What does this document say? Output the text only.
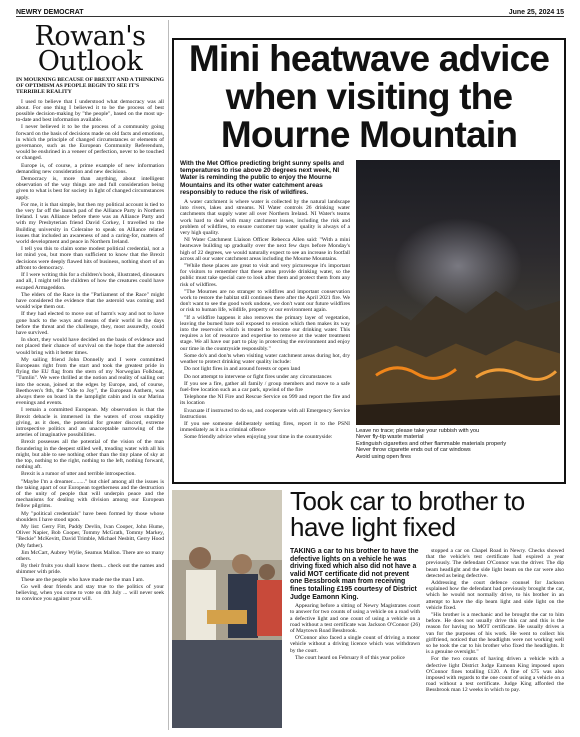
NEWRY DEMOCRAT	June 25, 2024 15
Rowan's Outlook
IN MOURNING BECAUSE OF BREXIT AND A THINKING OF OPTIMISM AS PEOPLE BEGIN TO SEE IT'S TERRIBLE REALITY

I used to believe that I understood what democracy was all about. For one thing I believed it to be the process of best possible decision-making by "the people", based on the most up-to-date and best information available.

I never believed it to be the process of a community going forward on the basis of decisions made on old facts and emotions, in which the principle of changed circumstances or elements of governance, such as the European Community Referendum, would be enshrined in a veneer of perfection, never to be touched or changed.

Europe is, of course, a prime example of new information demanding new consideration and new decisions.

Democracy is, more than anything, about intelligent observation of the way things are and full consideration being given to what is best for society in light of changed circumstances apply.

For me, it is that simple, but then my political account is tied to the very far off the launch pad of the Alliance Party in Northern Ireland. I was Alliance before there was an Alliance Party and with my Presbyterian friend David Corkey, I travelled to the Building university in Coleraine to speak on Alliance related issues that included an awareness of and a caring-for, matters of world development and peace in Northern Ireland.

I tell you this to claim some modest political credential, not a lot mind you, but more than sufficient to know that the Brexit decisions were deeply flawed hits of business, nothing short of an affront to democracy.

If I were writing this for a children's book, illustrated, dinosaurs and all, I might tell the children of how the creatures could have escaped Armageddon.

The elders of the Race in the "Parliament of the Race" might have considered the evidence that the asteroid was coming and would wipe them out.

If they had elected to move out of harm's way and not to have gone back to the ways and means of their world in the days before the threat and the challenge, they, most assuredly, could have survived.

In short, they would have decided on the basis of evidence and not placed their chance of survival on the hope that the asteroid would bring with it better times.

My sailing friend John Donnelly and I were committed Europeans right from the start and took the greatest pride in flying the EU flag from the stern of my Norwegian Folkboat, "Tumlin". We were thrilled at the notion and reality of sailing out into the ocean, joined at the edges by Europe, and, of course, Beethoven's 9th, the "Ode to Joy", the European Anthem, was always there on board in the lamplight cabin and in our Marina evenings and events.

I remain a committed European. My observation is that the Brexit debacle is immersed in the waters of cross stupidity giving, as it does, the potential for greater discord, extreme introspective politics and an unacceptable narrowing of the arteries of imaginative possibilities.

Brexit possesses all the potential of the vision of the man floundering in the deepest stilled well, treading water with all his might, but able to see nothing other than the tiny plane of sky at the top, nothing to the right, nothing to the left, nothing forward, nothing aft.

Brexit is a rumor of utter and terrible introspection.

"Maybe I'm a dreamer........." but chief among all the issues is the taking apart of our European togetherness and the destruction of the unity of people that will underpin peace and the mechanisms for dealing with division among our European fellow pilgrims.

My "political credentials" have been formed by those whose shoulders I have stood upon.

My list: Gerry Fitt, Paddy Devlin, Ivan Cooper, John Hume, Oliver Napier, Bob Cooper, Tommy McGrath, Tommy Markey, "Beckie" McKevitt, David Trimble, Michael Nesbitt, Gerry Hood (My father).

Jim McCart, Aubrey Wylie, Seamus Mallon. There are so many others.

By their fruits you shall know them... check out the names and shimmer with pride.

These are the people who have made me the man I am.

Go well dear friends and stay true to the politics of your believing, when you come to vote on 4th July ... will never seek to convince you against your will.

Mini heatwave advice when visiting the Mourne Mountain
With the Met Office predicting bright sunny spells and temperatures to rise above 20 degrees next week, NI Water is reminding the public to enjoy the Mourne Mountains and its other water catchment areas responsibly to reduce the risk of wildfires.

A water catchment is where water is collected by the natural landscape into rivers, lakes and streams. NI Water controls 26 drinking water catchments that supply water all over Northern Ireland. NI Water's teams work hard to deal with many catchment issues, including the risk and problem of wildfires, to ensure customer tap water quality is always of a very high quality.

NI Water Catchment Liaison Officer Rebecca Allen said: "With a mini heatwave building up gradually over the next few days before Monday's high of 22 degrees, we would naturally expect to see an increase in footfall across all our water catchment areas including the Mourne Mountains.

"While these places are great to visit and very picturesque it's important for visitors to remember that these areas provide drinking water, so the public must take special care to look after them and protect them from any risk of wildfires.

"The Mournes are no stranger to wildfires and important conservation work to restore the habitat still continues there after the April 2021 fire. We don't want to see the good work undone, we don't want our future wildfires or risk to human life, wildlife, property or our environment again.

"If a wildfire happens it also removes the primary layer of vegetation, leaving the burned bare soil exposed to erosion which then makes its way into the reservoirs which is treated to become our drinking water. This requires a lot of resource and expertise to remove at the water treatment stage. We all have our part to play in protecting the environment and enjoy our time in the countryside responsibly."

Some do's and don'ts when visiting water catchment areas during hot, dry weather to protect drinking water quality include:

Do not light fires in and around forests or open land

Do not attempt to intervene or fight fires under any circumstances

If you see a fire, gather all family / group members and move to a safe fuel-free location such as a car park, upwind of the fire

Telephone the NI Fire and Rescue Service on 999 and report the fire and its location

Evacuate if instructed to do so, and cooperate with all Emergency Service Instructions

If you see someone deliberately setting fires, report it to the PSNI immediately as it is a criminal offence

Some friendly advice when enjoying your time in the countryside:

Leave no trace; please take your rubbish with you
Never fly-tip waste material
Extinguish cigarettes and other flammable materials properly
Never throw cigarette ends out of car windows
Avoid using open fires
Took car to brother to have light fixed
TAKING a car to his brother to have the defective lights on a vehicle he was driving fixed which also did not have a valid MOT certificate did not prevent one Bessbrook man from receiving fines totalling £195 courtesy of District Judge Eamonn King.

Appearing before a sitting of Newry Magistrates court to answer for two counts of using a vehicle on a road with a defective light and one count of using a vehicle on a road without a test certificate was Jackson O'Connor (26) of Maytown Road Bessbrook.

O'Connor also faced a single count of driving a motor vehicle without a driving licence which was withdrawn by the court.

The court heard on February 8 of this year police

stopped a car on Chapel Road in Newry. Checks showed that the vehicle's test certificate had expired a year previously. The defendant O'Connor was the driver. The dip beam headlight and the side light beam on the car were also detected as being defective.

Addressing the court defence counsel for Jackson explained how the defendant had previously brought the car, which he would not normally drive, to his brother in an attempt to have the dip beam light and side light on the vehicle fixed.

"His brother is a mechanic and he brought the car to him before. He does not usually drive this car and this is the reason for having no MOT certificate. He usually drives a van for the purposes of his work. He went to collect his girlfriend, noticed that the headlights were not working well so he took the car to his brother who fixed the headlights. It is a genuine oversight."

For the two counts of having driven a vehicle with a defective light District Judge Eamonn King imposed upon O'Connor fines totalling £120. A fine of £75 was also imposed with regards to the one count of using a vehicle on a road without a test certificate. Judge King afforded the Bessbrook man 12 weeks in which to pay.
